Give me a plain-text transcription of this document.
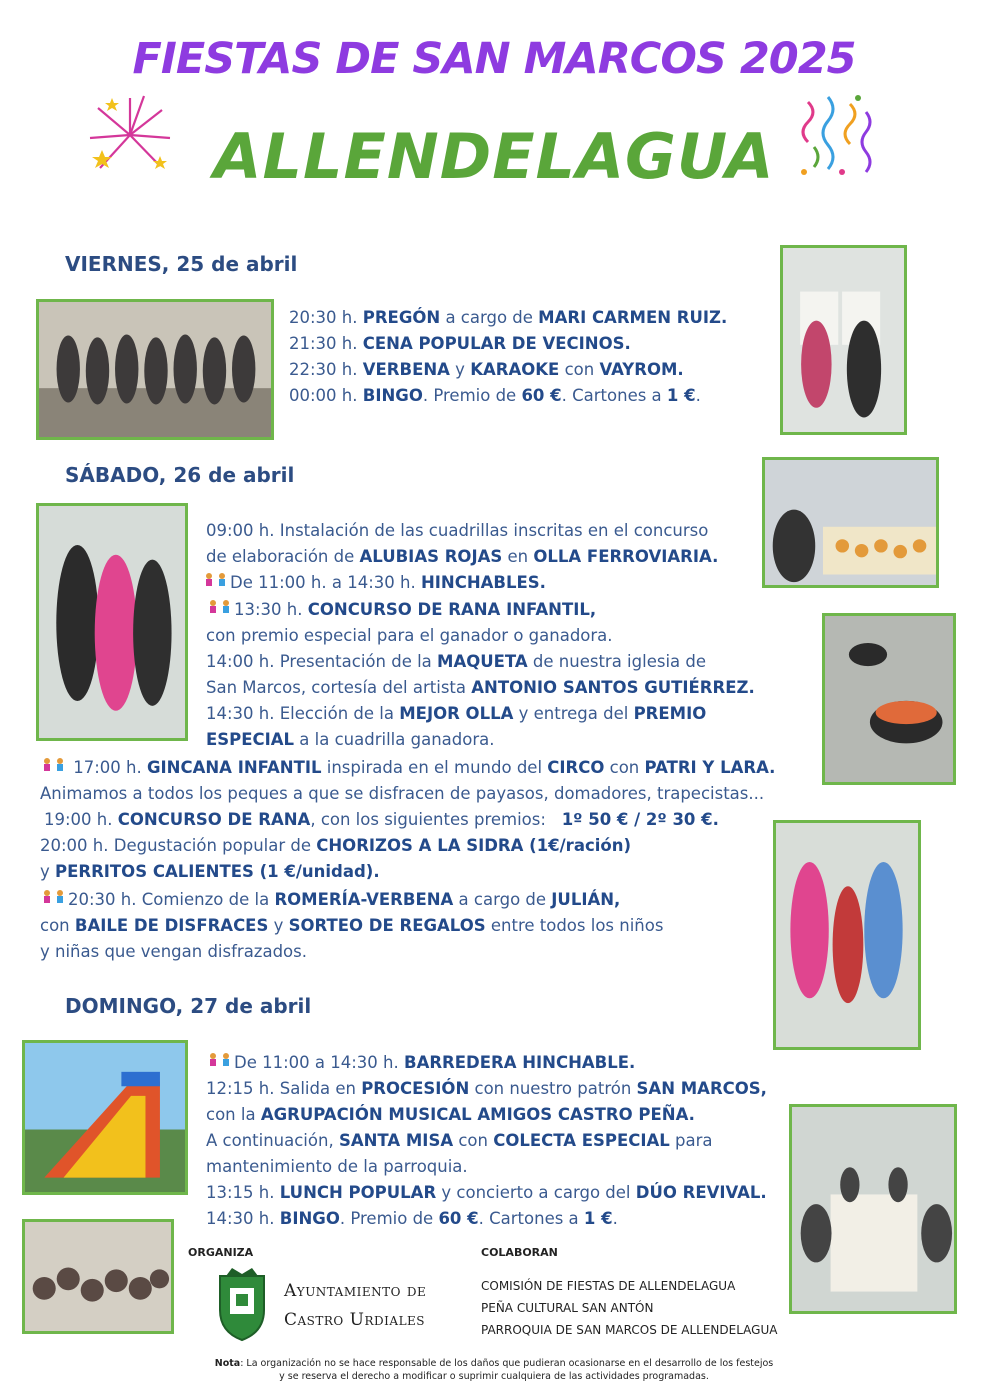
FIESTAS DE SAN MARCOS 2025
ALLENDELAGUA
VIERNES, 25 de abril
20:30 h. PREGÓN a cargo de MARI CARMEN RUIZ.
21:30 h. CENA POPULAR DE VECINOS.
22:30 h. VERBENA y KARAOKE con VAYROM.
00:00 h. BINGO. Premio de 60 €. Cartones a 1 €.
SÁBADO, 26 de abril
09:00 h. Instalación de las cuadrillas inscritas en el concurso
de elaboración de ALUBIAS ROJAS en OLLA FERROVIARIA.
De 11:00 h. a 14:30 h. HINCHABLES.
13:30 h. CONCURSO DE RANA INFANTIL,
con premio especial para el ganador o ganadora.
14:00 h. Presentación de la MAQUETA de nuestra iglesia de
San Marcos, cortesía del artista ANTONIO SANTOS GUTIÉRREZ.
14:30 h. Elección de la MEJOR OLLA y entrega del PREMIO
ESPECIAL a la cuadrilla ganadora.
17:00 h. GINCANA INFANTIL inspirada en el mundo del CIRCO con PATRI Y LARA.
Animamos a todos los peques a que se disfracen de payasos, domadores, trapecistas...
19:00 h. CONCURSO DE RANA, con los siguientes premios: 1º 50 € / 2º 30 €.
20:00 h. Degustación popular de CHORIZOS A LA SIDRA (1€/ración)
y PERRITOS CALIENTES (1 €/unidad).
20:30 h. Comienzo de la ROMERÍA-VERBENA a cargo de JULIÁN,
con BAILE DE DISFRACES y SORTEO DE REGALOS entre todos los niños
y niñas que vengan disfrazados.
DOMINGO, 27 de abril
De 11:00 a 14:30 h. BARREDERA HINCHABLE.
12:15 h. Salida en PROCESIÓN con nuestro patrón SAN MARCOS,
con la AGRUPACIÓN MUSICAL AMIGOS CASTRO PEÑA.
A continuación, SANTA MISA con COLECTA ESPECIAL para
mantenimiento de la parroquia.
13:15 h. LUNCH POPULAR y concierto a cargo del DÚO REVIVAL.
14:30 h. BINGO. Premio de 60 €. Cartones a 1 €.
ORGANIZA
Ayuntamiento de
Castro Urdiales
COLABORAN
COMISIÓN DE FIESTAS DE ALLENDELAGUA
PEÑA CULTURAL SAN ANTÓN
PARROQUIA DE SAN MARCOS DE ALLENDELAGUA
Nota: La organización no se hace responsable de los daños que pudieran ocasionarse en el desarrollo de los festejos
y se reserva el derecho a modificar o suprimir cualquiera de las actividades programadas.
